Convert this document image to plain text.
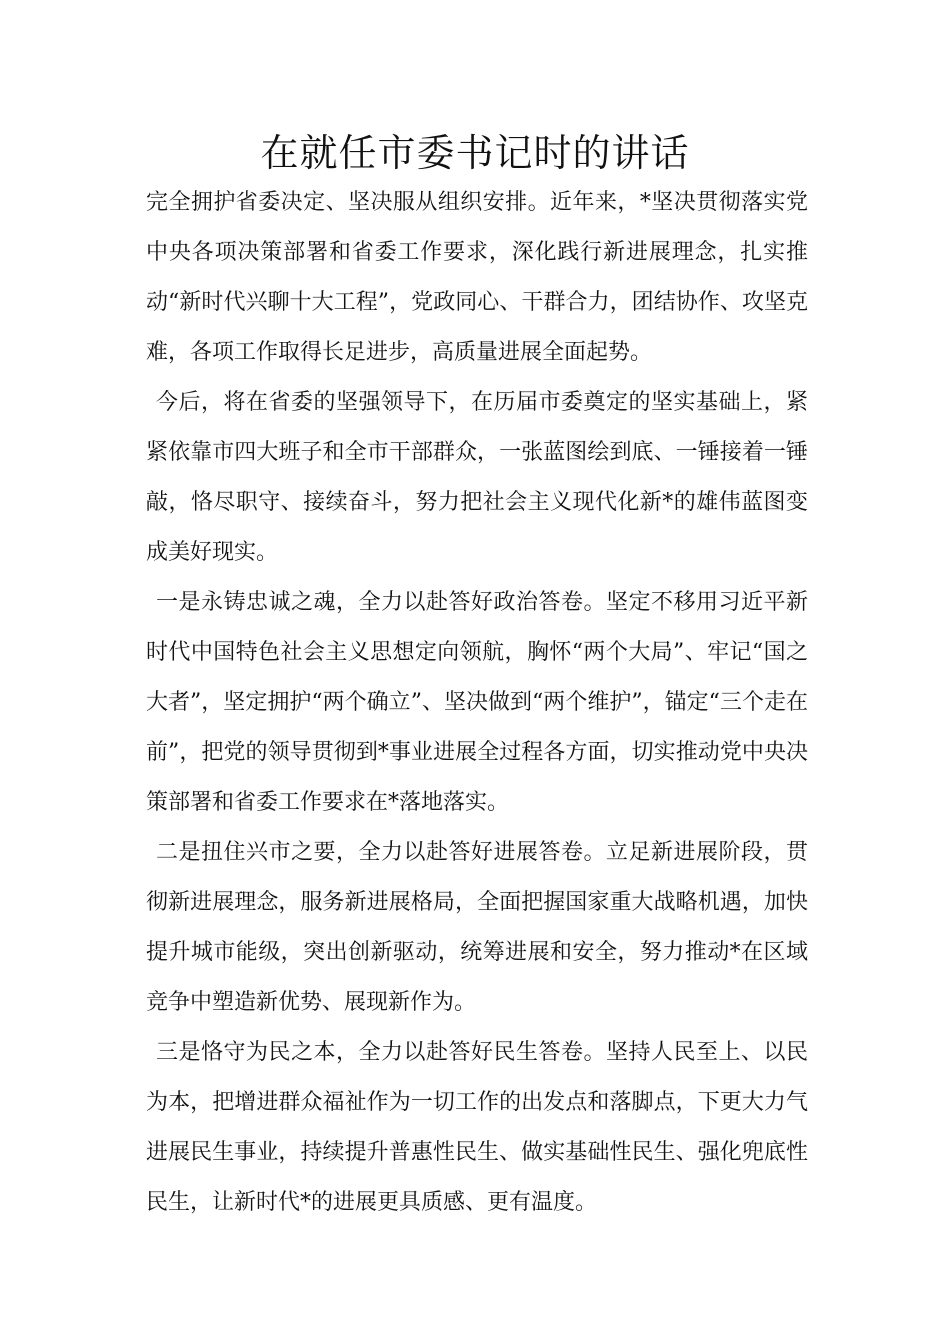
在就任市委书记时的讲话

完全拥护省委决定、坚决服从组织安排。近年来，*坚决贯彻落实党中央各项决策部署和省委工作要求，深化践行新进展理念，扎实推动“新时代兴聊十大工程”，党政同心、干群合力，团结协作、攻坚克难，各项工作取得长足进步，高质量进展全面起势。

今后，将在省委的坚强领导下，在历届市委奠定的坚实基础上，紧紧依靠市四大班子和全市干部群众，一张蓝图绘到底、一锤接着一锤敲，恪尽职守、接续奋斗，努力把社会主义现代化新*的雄伟蓝图变成美好现实。

一是永铸忠诚之魂，全力以赴答好政治答卷。坚定不移用习近平新时代中国特色社会主义思想定向领航，胸怀“两个大局”、牢记“国之大者”，坚定拥护“两个确立”、坚决做到“两个维护”，锚定“三个走在前”，把党的领导贯彻到*事业进展全过程各方面，切实推动党中央决策部署和省委工作要求在*落地落实。

二是扭住兴市之要，全力以赴答好进展答卷。立足新进展阶段，贯彻新进展理念，服务新进展格局，全面把握国家重大战略机遇，加快提升城市能级，突出创新驱动，统筹进展和安全，努力推动*在区域竞争中塑造新优势、展现新作为。

三是恪守为民之本，全力以赴答好民生答卷。坚持人民至上、以民为本，把增进群众福祉作为一切工作的出发点和落脚点，下更大力气进展民生事业，持续提升普惠性民生、做实基础性民生、强化兜底性民生，让新时代*的进展更具质感、更有温度。
